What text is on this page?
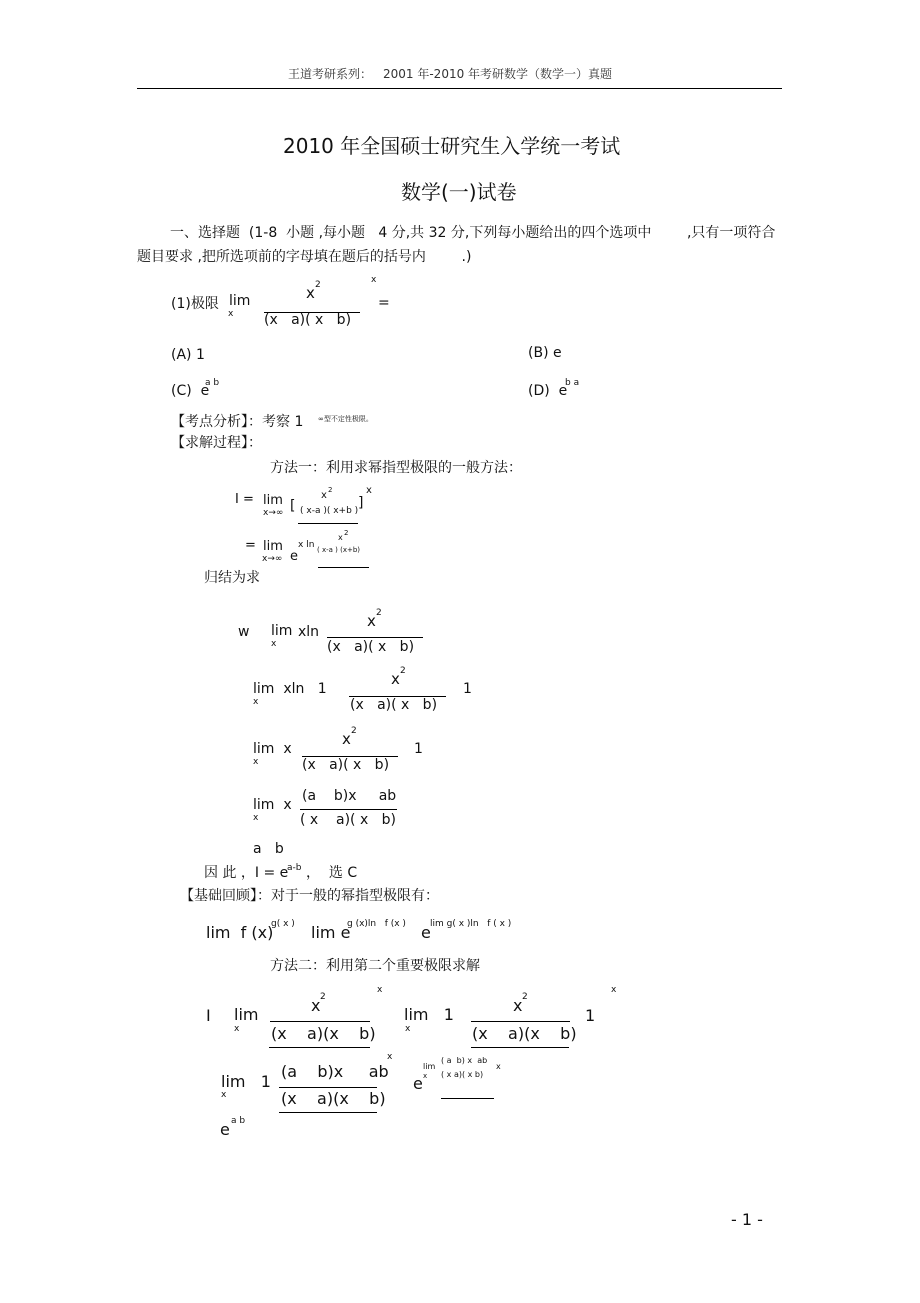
王道考研系列： 2001 年-2010 年考研数学（数学一）真题
2010 年全国硕士研究生入学统一考试
数学(一)试卷
一、选择题  (1-8  小题 ,每小题   4 分,共 32 分,下列每小题给出的四个选项中        ,只有一项符合
题目要求 ,把所选项前的字母填在题后的括号内        .)
(1)极限 lim
x
x 2
(x   a)( x   b)
x
=
(A) 1	(B) e
(C)  e
a b	(D)  e
b a
【考点分析】：考察 1 ∞型不定性极限。
【求解过程】：
方法一：利用求幂指型极限的一般方法：
I = lim
x→∞ [
x 2
( x-a )( x+b ) ]
x
= lim
x→∞ e
x ln
x 2
( x-a ) (x+b)
归结为求
w lim
x
xln
x 2
(x   a)( x   b)
lim  xln   1
x
x 2
(x   a)( x   b)
1
lim  x
x
x 2
(x   a)( x   b)
1
lim  x
x
(a    b)x     ab
( x    a)( x   b)
a   b
因 此 ，I = e
a-b ，  选 C
【基础回顾】：对于一般的幂指型极限有：
lim  f (x)
g( x ) lim e
g (x)ln   f (x ) e lim g( x )ln   f ( x )
方法二：利用第二个重要极限求解
I lim
x
x 2
(x    a)(x    b)
x
lim   1
x
x 2
(x    a)(x    b)
1
x
lim   1
x
(a    b)x     ab
(x    a)(x    b)
x
e
lim
x
( a  b) x  ab
( x a)( x b)
x
e a b
- 1 -
